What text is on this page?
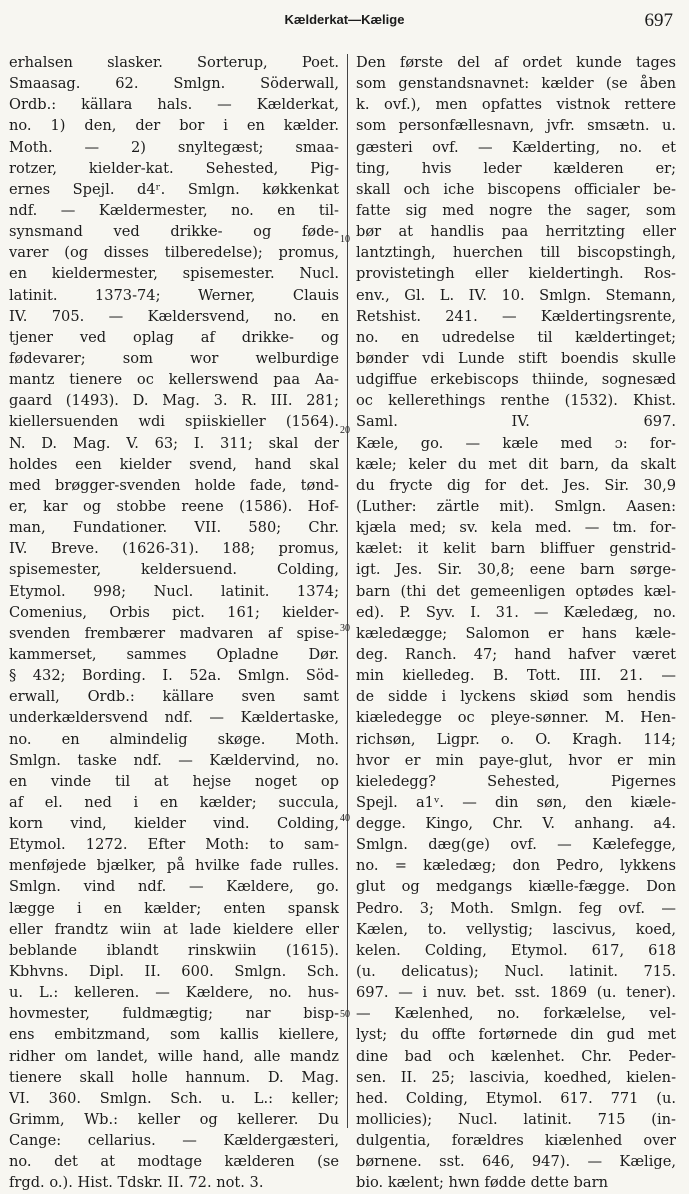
Kælderkat—Kælige	697
erhalsen slasker. Sorterup, Poet.
Smaasag. 62. Smlgn. Söderwall,
Ordb.: källara hals. — Kælderkat,
no. 1) den, der bor i en kælder.
Moth. — 2) snyltegæst; smaa-
rotzer, kielder-kat. Sehested, Pig-
ernes Spejl. d4ʳ. Smlgn. køkkenkat
ndf. — Kældermester, no. en til-
synsmand ved drikke- og føde-
varer (og disses tilberedelse); promus,
en kieldermester, spisemester. Nucl.
latinit. 1373-74; Werner, Clauis
IV. 705. — Kældersvend, no. en
tjener ved oplag af drikke- og
fødevarer; som wor welburdige
mantz tienere oc kellerswend paa Aa-
gaard (1493). D. Mag. 3. R. III. 281;
kiellersuenden wdi spiiskieller (1564).
N. D. Mag. V. 63; I. 311; skal der
holdes een kielder svend, hand skal
med brøgger-svenden holde fade, tønd-
er, kar og stobbe reene (1586). Hof-
man, Fundationer. VII. 580; Chr.
IV. Breve. (1626-31). 188; promus,
spisemester, keldersuend. Colding,
Etymol. 998; Nucl. latinit. 1374;
Comenius, Orbis pict. 161; kielder-
svenden frembærer madvaren af spise-
kammerset, sammes Opladne Dør.
§ 432; Bording. I. 52a. Smlgn. Söd-
erwall, Ordb.: källare sven samt
underkældersvend ndf. — Kældertaske,
no. en almindelig skøge. Moth.
Smlgn. taske ndf. — Kældervind, no.
en vinde til at hejse noget op
af el. ned i en kælder; succula,
korn vind, kielder vind. Colding,
Etymol. 1272. Efter Moth: to sam-
menføjede bjælker, på hvilke fade rulles.
Smlgn. vind ndf. — Kældere, go.
lægge i en kælder; enten spansk
eller frandtz wiin at lade kieldere eller
beblande iblandt rinskwiin (1615).
Kbhvns. Dipl. II. 600. Smlgn. Sch.
u. L.: kelleren. — Kældere, no. hus-
hovmester, fuldmægtig; nar bisp-
ens embitzmand, som kallis kiellere,
ridher om landet, wille hand, alle mandz
tienere skall holle hannum. D. Mag.
VI. 360. Smlgn. Sch. u. L.: keller;
Grimm, Wb.: keller og kellerer. Du
Cange: cellarius. — Kældergæsteri,
no. det at modtage kælderen (se
frgd. o.). Hist. Tdskr. II. 72. not. 3.
Den første del af ordet kunde tages
som genstandsnavnet: kælder (se åben
k. ovf.), men opfattes vistnok rettere
som personfællesnavn, jvfr. smsætn. u.
gæsteri ovf. — Kælderting, no. et
ting, hvis leder kælderen er;
skall och iche biscopens officialer be-
fatte sig med nogre the sager, som
bør at handlis paa herritzting eller
lantztingh, huerchen till biscopstingh,
provistetingh eller kieldertingh. Ros-
env., Gl. L. IV. 10. Smlgn. Stemann,
Retshist. 241. — Kældertingsrente,
no. en udredelse til kældertinget;
bønder vdi Lunde stift boendis skulle
udgiffue erkebiscops thiinde, sognesæd
oc kellerethings renthe (1532). Khist.
Saml. IV. 697.
Kæle, go. — kæle med ɔ: for-
kæle; keler du met dit barn, da skalt
du frycte dig for det. Jes. Sir. 30,9
(Luther: zärtle mit). Smlgn. Aasen:
kjæla med; sv. kela med. — tm. for-
kælet: it kelit barn bliffuer genstrid-
igt. Jes. Sir. 30,8; eene barn sørge-
barn (thi det gemeenligen optødes kæl-
ed). P. Syv. I. 31. — Kæledæg, no.
kæledægge; Salomon er hans kæle-
deg. Ranch. 47; hand hafver været
min kielledeg. B. Tott. III. 21. —
de sidde i lyckens skiød som hendis
kiæledegge oc pleye-sønner. M. Hen-
richsøn, Ligpr. o. O. Kragh. 114;
hvor er min paye-glut, hvor er min
kieledegg? Sehested, Pigernes
Spejl. a1ᵛ. — din søn, den kiæle-
degge. Kingo, Chr. V. anhang. a4.
Smlgn. dæg(ge) ovf. — Kælefegge,
no. = kæledæg; don Pedro, lykkens
glut og medgangs kiælle-fægge. Don
Pedro. 3; Moth. Smlgn. feg ovf. —
Kælen, to. vellystig; lascivus, koed,
kelen. Colding, Etymol. 617, 618
(u. delicatus); Nucl. latinit. 715.
697. — i nuv. bet. sst. 1869 (u. tener).
— Kælenhed, no. forkælelse, vel-
lyst; du offte fortørnede din gud met
dine bad och kælenhet. Chr. Peder-
sen. II. 25; lascivia, koedhed, kielen-
hed. Colding, Etymol. 617. 771 (u.
mollicies); Nucl. latinit. 715 (in-
dulgentia, forældres kiælenhed over
børnene. sst. 646, 947). — Kælige,
bio. kælent; hwn fødde dette barn
10
20
30
40
50
